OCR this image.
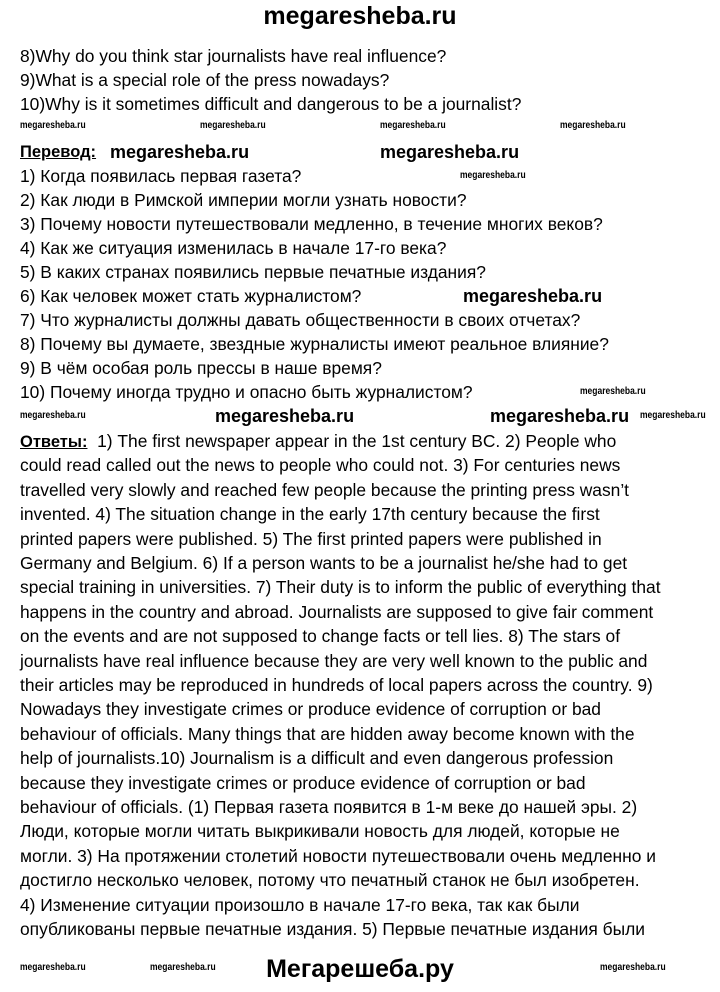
megaresheba.ru
8)Why do you think star journalists have real influence?
9)What is a special role of the press nowadays?
10)Why is it sometimes difficult and dangerous to be a journalist?
Перевод:
1) Когда появилась первая газета?
2) Как люди в Римской империи могли узнать новости?
3) Почему новости путешествовали медленно, в течение многих веков?
4) Как же ситуация изменилась в начале 17-го века?
5) В каких странах появились первые печатные издания?
6) Как человек может стать журналистом?
7) Что журналисты должны давать общественности в своих отчетах?
8) Почему вы думаете, звездные журналисты имеют реальное влияние?
9) В чём особая роль прессы в наше время?
10) Почему иногда трудно и опасно быть журналистом?
Ответы: 1) The first newspaper appear in the 1st century BC. 2) People who
could read called out the news to people who could not. 3) For centuries news
travelled very slowly and reached few people because the printing press wasn’t
invented. 4) The situation change in the early 17th century because the first
printed papers were published. 5) The first printed papers were published in
Germany and Belgium. 6) If a person wants to be a journalist he/she had to get
special training in universities. 7) Their duty is to inform the public of everything that
happens in the country and abroad. Journalists are supposed to give fair comment
on the events and are not supposed to change facts or tell lies. 8) The stars of
journalists have real influence because they are very well known to the public and
their articles may be reproduced in hundreds of local papers across the country. 9)
Nowadays they investigate crimes or produce evidence of corruption or bad
behaviour of officials. Many things that are hidden away become known with the
help of journalists.10) Journalism is a difficult and even dangerous profession
because they investigate crimes or produce evidence of corruption or bad
behaviour of officials. (1) Первая газета появится в 1-м веке до нашей эры. 2)
Люди, которые могли читать выкрикивали новость для людей, которые не
могли. 3) На протяжении столетий новости путешествовали очень медленно и
достигло несколько человек, потому что печатный станок не был изобретен.
4) Изменение ситуации произошло в начале 17-го века, так как были
опубликованы первые печатные издания. 5) Первые печатные издания были
megaresheba.ru	megaresheba.ru
megaresheba.ru
megaresheba.ru	megaresheba.ru
megaresheba.ru	megaresheba.ru	megaresheba.ru	megaresheba.ru
megaresheba.ru
megaresheba.ru
megaresheba.ru	megaresheba.ru
megaresheba.ru	megaresheba.ru	megaresheba.ru
Мегарешеба.ру
